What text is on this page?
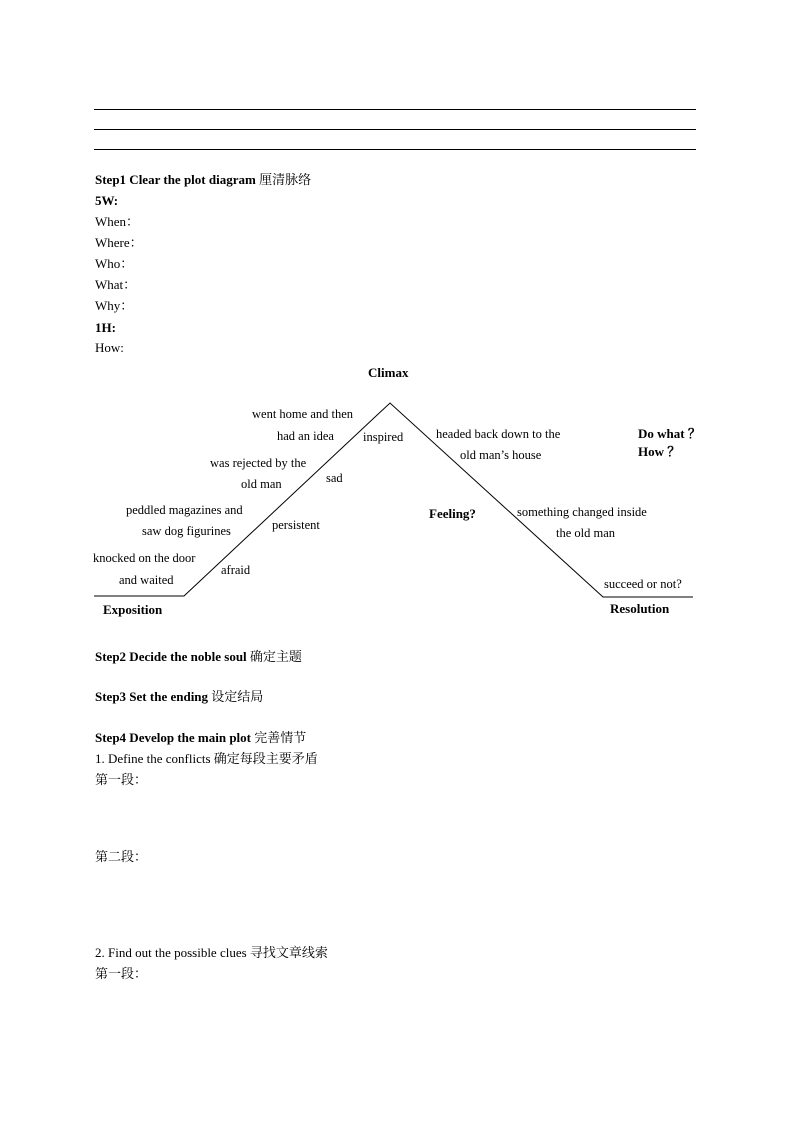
Step1 Clear the plot diagram 厘清脉络
5W:
When：
Where：
Who：
What：
Why：
1H:
How:
Climax
Exposition	Resolution
went home and then
had an idea
was rejected by the
old man
peddled magazines and
saw dog figurines
knocked on the door
and waited
inspired
sad
persistent
afraid
headed back down to the
old man’s house
something changed inside
the old man
succeed or not?
Feeling?
Do what ？
How ？
Step2 Decide the noble soul 确定主题
Step3 Set the ending 设定结局
Step4 Develop the main plot 完善情节
1. Define the conflicts 确定每段主要矛盾
第一段：
第二段：
2. Find out the possible clues 寻找文章线索
第一段：
